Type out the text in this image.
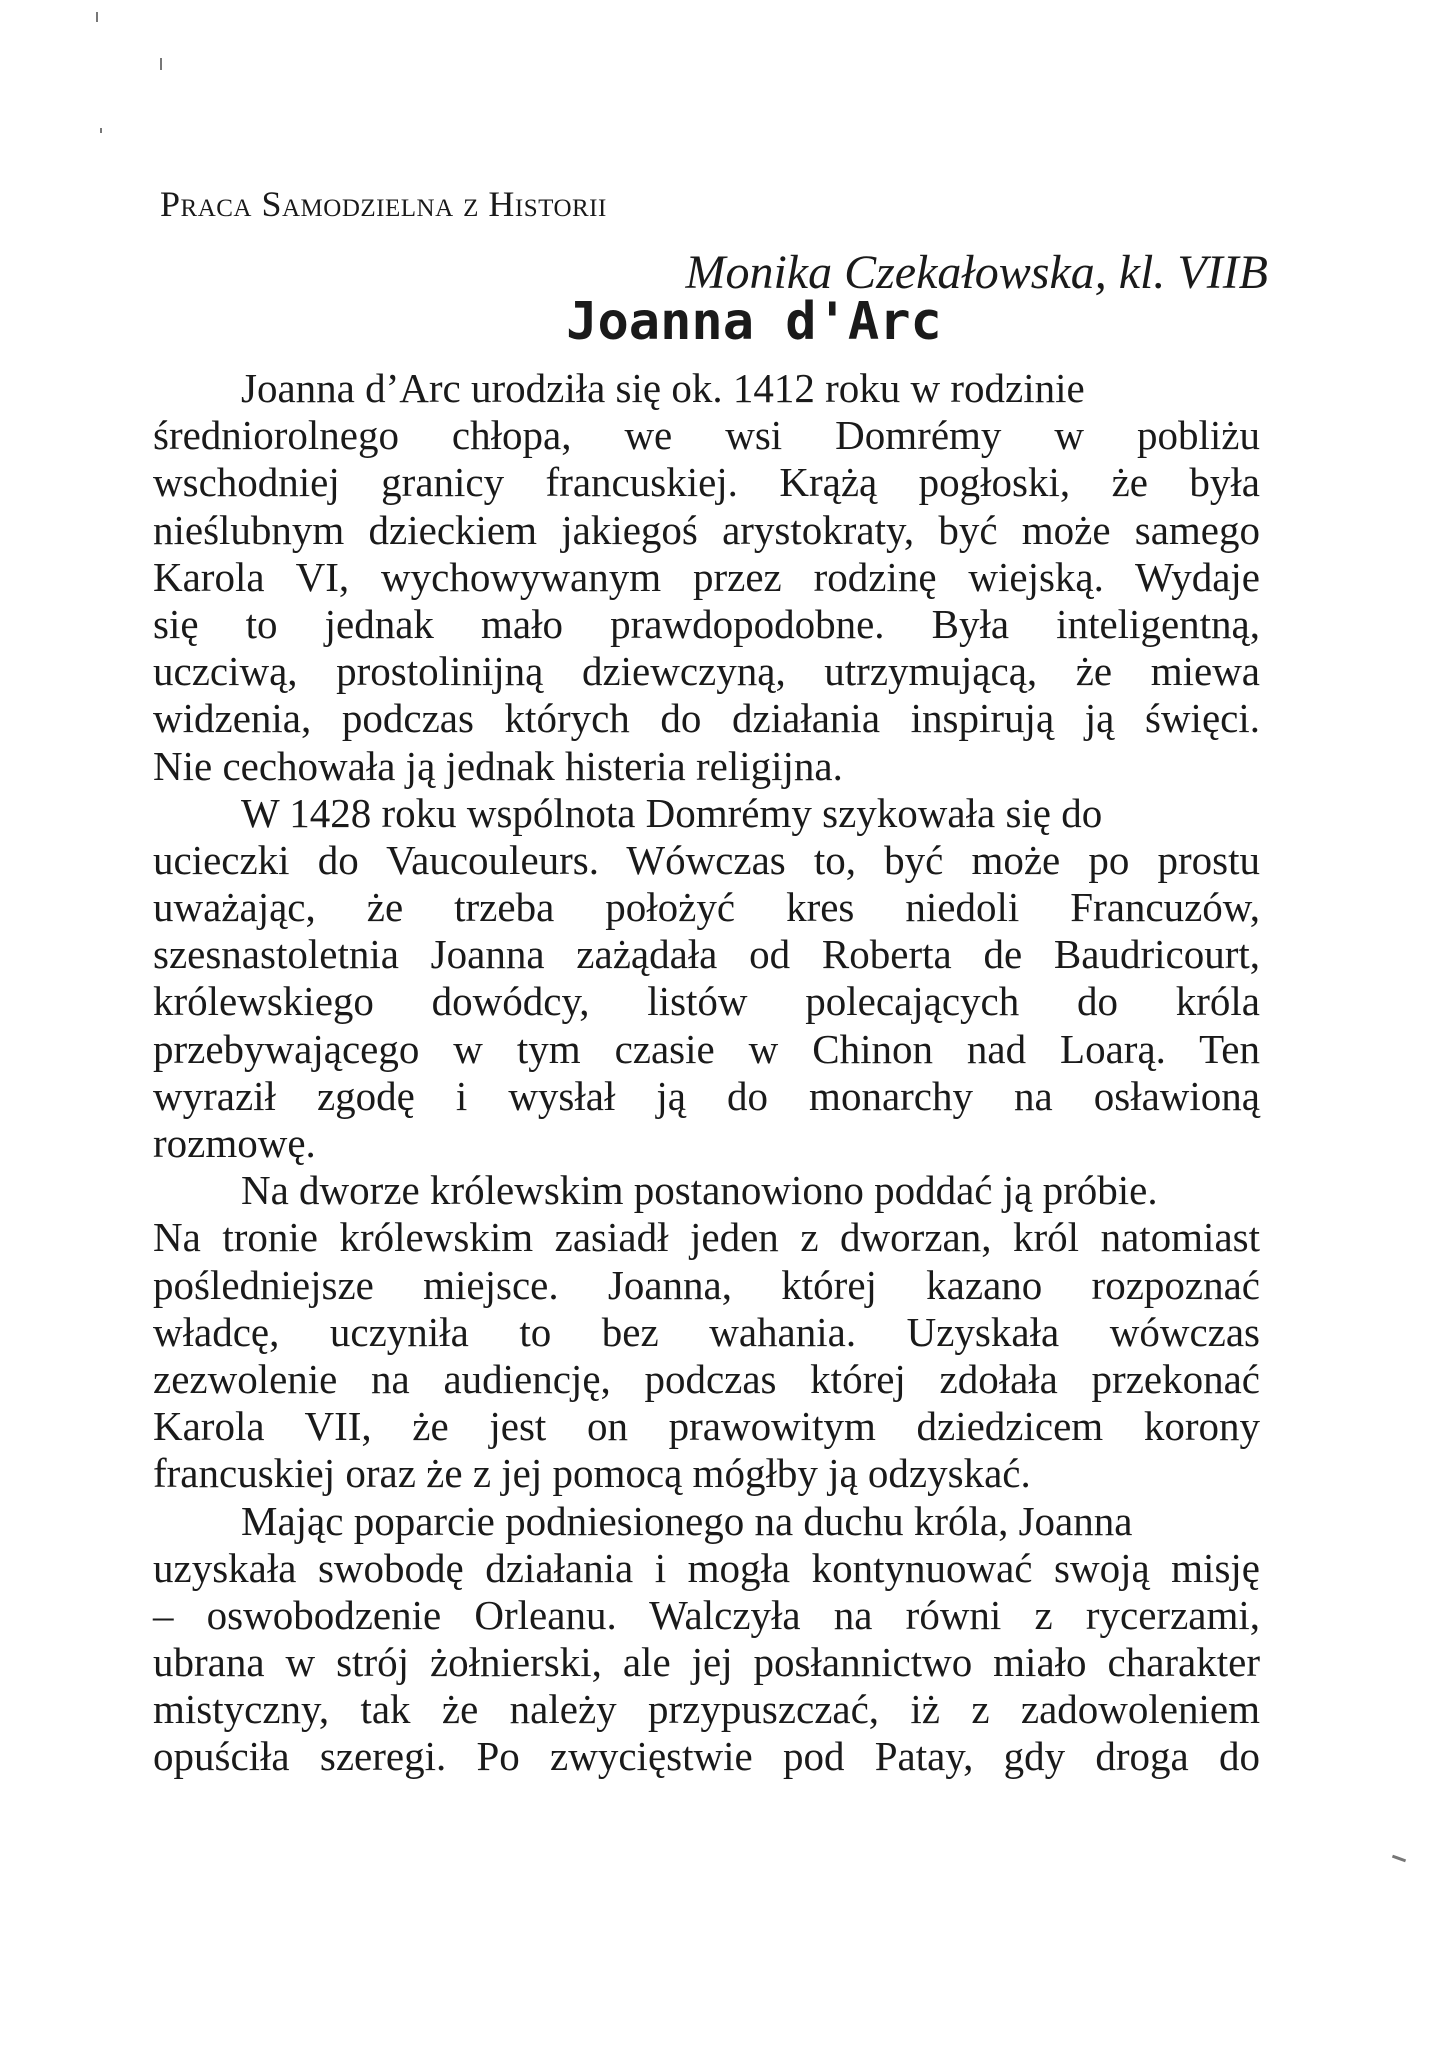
Praca Samodzielna z Historii
Monika Czekałowska, kl. VIIB
Joanna d'Arc
Joanna d’Arc urodziła się ok. 1412 roku w rodzinie
średniorolnego chłopa, we wsi Domrémy w pobliżu
wschodniej granicy francuskiej. Krążą pogłoski, że była
nieślubnym dzieckiem jakiegoś arystokraty, być może samego
Karola VI, wychowywanym przez rodzinę wiejską. Wydaje
się to jednak mało prawdopodobne. Była inteligentną,
uczciwą, prostolinijną dziewczyną, utrzymującą, że miewa
widzenia, podczas których do działania inspirują ją święci.
Nie cechowała ją jednak histeria religijna.
W 1428 roku wspólnota Domrémy szykowała się do
ucieczki do Vaucouleurs. Wówczas to, być może po prostu
uważając, że trzeba położyć kres niedoli Francuzów,
szesnastoletnia Joanna zażądała od Roberta de Baudricourt,
królewskiego dowódcy, listów polecających do króla
przebywającego w tym czasie w Chinon nad Loarą. Ten
wyraził zgodę i wysłał ją do monarchy na osławioną
rozmowę.
Na dworze królewskim postanowiono poddać ją próbie.
Na tronie królewskim zasiadł jeden z dworzan, król natomiast
pośledniejsze miejsce. Joanna, której kazano rozpoznać
władcę, uczyniła to bez wahania. Uzyskała wówczas
zezwolenie na audiencję, podczas której zdołała przekonać
Karola VII, że jest on prawowitym dziedzicem korony
francuskiej oraz że z jej pomocą mógłby ją odzyskać.
Mając poparcie podniesionego na duchu króla, Joanna
uzyskała swobodę działania i mogła kontynuować swoją misję
– oswobodzenie Orleanu. Walczyła na równi z rycerzami,
ubrana w strój żołnierski, ale jej posłannictwo miało charakter
mistyczny, tak że należy przypuszczać, iż z zadowoleniem
opuściła szeregi. Po zwycięstwie pod Patay, gdy droga do
